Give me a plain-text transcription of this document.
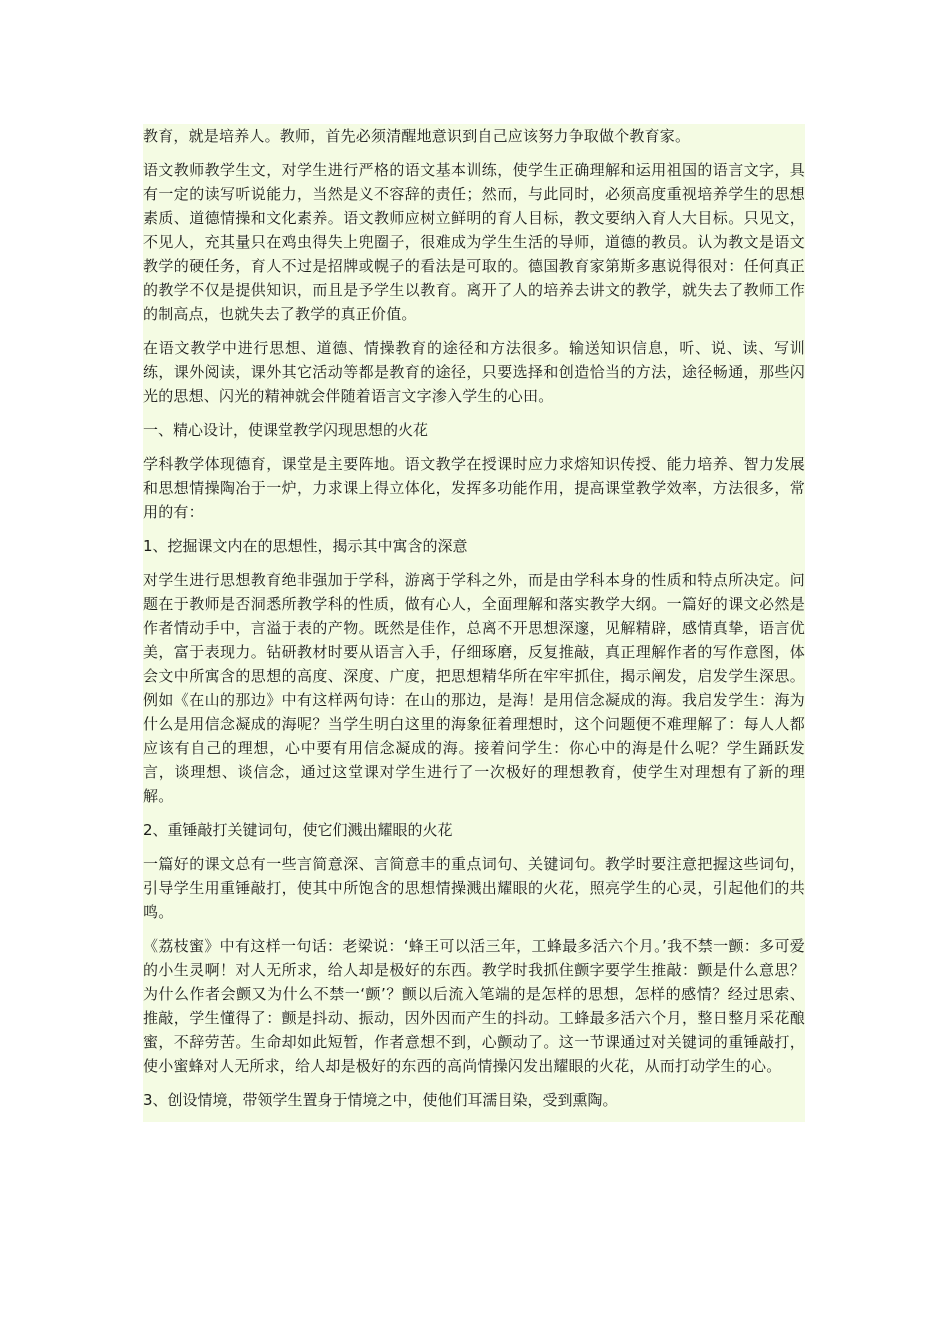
教育，就是培养人。教师，首先必须清醒地意识到自己应该努力争取做个教育家。

语文教师教学生文，对学生进行严格的语文基本训练，使学生正确理解和运用祖国的语言文字，具有一定的读写听说能力，当然是义不容辞的责任；然而，与此同时，必须高度重视培养学生的思想素质、道德情操和文化素养。语文教师应树立鲜明的育人目标，教文要纳入育人大目标。只见文，不见人，充其量只在鸡虫得失上兜圈子，很难成为学生生活的导师，道德的教员。认为教文是语文教学的硬任务，育人不过是招牌或幌子的看法是可取的。德国教育家第斯多惠说得很对：任何真正的教学不仅是提供知识，而且是予学生以教育。离开了人的培养去讲文的教学，就失去了教师工作的制高点，也就失去了教学的真正价值。

在语文教学中进行思想、道德、情操教育的途径和方法很多。输送知识信息，听、说、读、写训练，课外阅读，课外其它活动等都是教育的途径，只要选择和创造恰当的方法，途径畅通，那些闪光的思想、闪光的精神就会伴随着语言文字渗入学生的心田。

一、精心设计，使课堂教学闪现思想的火花

学科教学体现德育，课堂是主要阵地。语文教学在授课时应力求熔知识传授、能力培养、智力发展和思想情操陶冶于一炉，力求课上得立体化，发挥多功能作用，提高课堂教学效率，方法很多，常用的有：

1、挖掘课文内在的思想性，揭示其中寓含的深意

对学生进行思想教育绝非强加于学科，游离于学科之外，而是由学科本身的性质和特点所决定。问题在于教师是否洞悉所教学科的性质，做有心人，全面理解和落实教学大纲。一篇好的课文必然是作者情动手中，言溢于表的产物。既然是佳作，总离不开思想深邃，见解精辟，感情真挚，语言优美，富于表现力。钻研教材时要从语言入手，仔细琢磨，反复推敲，真正理解作者的写作意图，体会文中所寓含的思想的高度、深度、广度，把思想精华所在牢牢抓住，揭示阐发，启发学生深思。例如《在山的那边》中有这样两句诗：在山的那边，是海！是用信念凝成的海。我启发学生：海为什么是用信念凝成的海呢？当学生明白这里的海象征着理想时，这个问题便不难理解了：每人人都应该有自己的理想，心中要有用信念凝成的海。接着问学生：你心中的海是什么呢？学生踊跃发言，谈理想、谈信念，通过这堂课对学生进行了一次极好的理想教育，使学生对理想有了新的理解。

2、重锤敲打关键词句，使它们溅出耀眼的火花

一篇好的课文总有一些言简意深、言简意丰的重点词句、关键词句。教学时要注意把握这些词句，引导学生用重锤敲打，使其中所饱含的思想情操溅出耀眼的火花，照亮学生的心灵，引起他们的共鸣。

《荔枝蜜》中有这样一句话：老梁说：‘蜂王可以活三年，工蜂最多活六个月。’我不禁一颤：多可爱的小生灵啊！对人无所求，给人却是极好的东西。教学时我抓住颤字要学生推敲：颤是什么意思？为什么作者会颤又为什么不禁一‘颤’？颤以后流入笔端的是怎样的思想，怎样的感情？经过思索、推敲，学生懂得了：颤是抖动、振动，因外因而产生的抖动。工蜂最多活六个月，整日整月采花酿蜜，不辞劳苦。生命却如此短暂，作者意想不到，心颤动了。这一节课通过对关键词的重锤敲打，使小蜜蜂对人无所求，给人却是极好的东西的高尚情操闪发出耀眼的火花，从而打动学生的心。

3、创设情境，带领学生置身于情境之中，使他们耳濡目染，受到熏陶。
